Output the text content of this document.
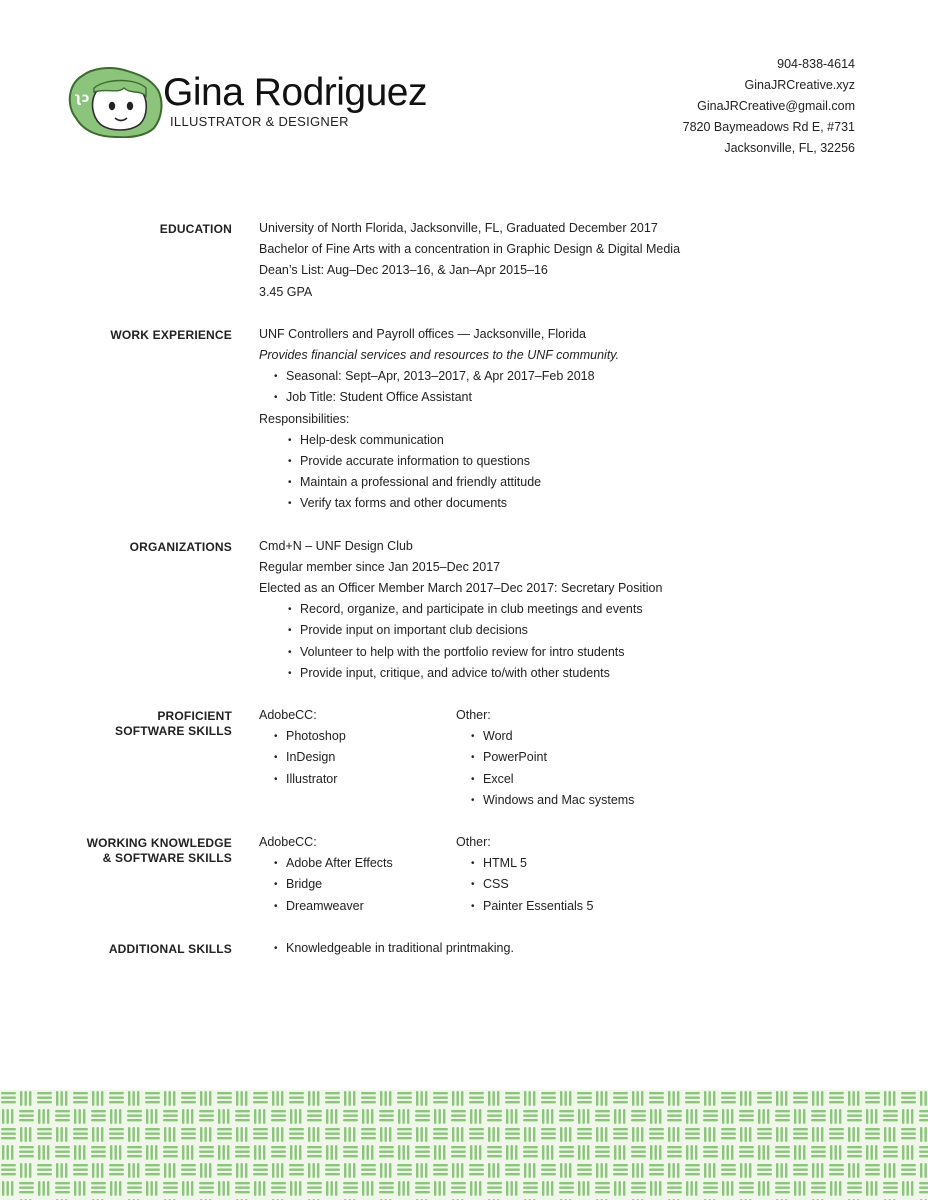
ʅɔ Gina Rodriguez
ILLUSTRATOR & DESIGNER
904-838-4614
GinaJRCreative.xyz
GinaJRCreative@gmail.com
7820 Baymeadows Rd E, #731
Jacksonville, FL, 32256
EDUCATION University of North Florida, Jacksonville, FL, Graduated December 2017
Bachelor of Fine Arts with a concentration in Graphic Design & Digital Media
Dean’s List: Aug–Dec 2013–16, & Jan–Apr 2015–16
3.45 GPA
WORK EXPERIENCE UNF Controllers and Payroll offices — Jacksonville, Florida
Provides financial services and resources to the UNF community.
• Seasonal: Sept–Apr, 2013–2017, & Apr 2017–Feb 2018
• Job Title: Student Office Assistant
Responsibilities:
• Help-desk communication
• Provide accurate information to questions
• Maintain a professional and friendly attitude
• Verify tax forms and other documents
ORGANIZATIONS Cmd+N – UNF Design Club
Regular member since Jan 2015–Dec 2017
Elected as an Officer Member March 2017–Dec 2017: Secretary Position
• Record, organize, and participate in club meetings and events
• Provide input on important club decisions
• Volunteer to help with the portfolio review for intro students
• Provide input, critique, and advice to/with other students
PROFICIENT
SOFTWARE SKILLS
AdobeCC:
• Photoshop
• InDesign
• Illustrator
Other:
• Word
• PowerPoint
• Excel
• Windows and Mac systems
WORKING KNOWLEDGE
& SOFTWARE SKILLS
AdobeCC:
• Adobe After Effects
• Bridge
• Dreamweaver
Other:
• HTML 5
• CSS
• Painter Essentials 5
ADDITIONAL SKILLS
•	Knowledgeable in traditional printmaking.
